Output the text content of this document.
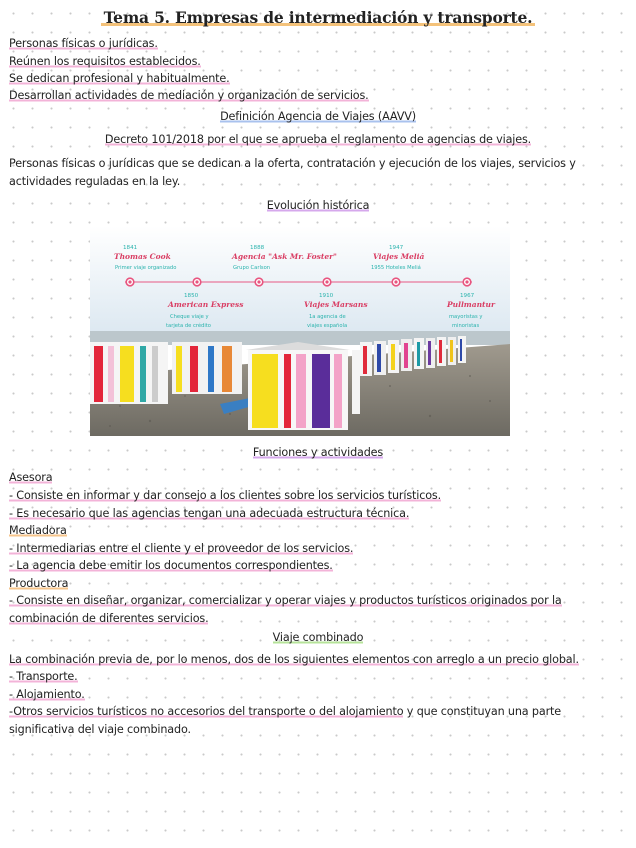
Tema 5. Empresas de intermediación y transporte.
Personas físicas o jurídicas.
Reúnen los requisitos establecidos.
Se dedican profesional y habitualmente.
Desarrollan actividades de mediación y organización de servicios.
Definición Agencia de Viajes (AAVV)
Decreto 101/2018 por el que se aprueba el reglamento de agencias de viajes.
Personas físicas o jurídicas que se dedican a la oferta, contratación y ejecución de los viajes, servicios y actividades reguladas en la ley.
Evolución histórica
1841
Thomas Cook
Primer viaje organizado
1888
Agencia "Ask Mr. Foster"
Grupo Carlson
1947
Viajes Meliá
1955 Hoteles Meliá
1850
American Express
Cheque viaje y
tarjeta de crédito
1910
Viajes Marsans
1a agencia de
viajes española
1967
Pullmantur
mayoristas y
minoristas
Funciones y actividades
Asesora
- Consiste en informar y dar consejo a los clientes sobre los servicios turísticos.
- Es necesario que las agencias tengan una adecuada estructura técnica.
Mediadora
- Intermediarias entre el cliente y el proveedor de los servicios.
- La agencia debe emitir los documentos correspondientes.
Productora
- Consiste en diseñar, organizar, comercializar y operar viajes y productos turísticos originados por la combinación de diferentes servicios.
Viaje combinado
La combinación previa de, por lo menos, dos de los siguientes elementos con arreglo a un precio global.
- Transporte.
- Alojamiento.
-Otros servicios turísticos no accesorios del transporte o del alojamiento y que constituyan una parte significativa del viaje combinado.
